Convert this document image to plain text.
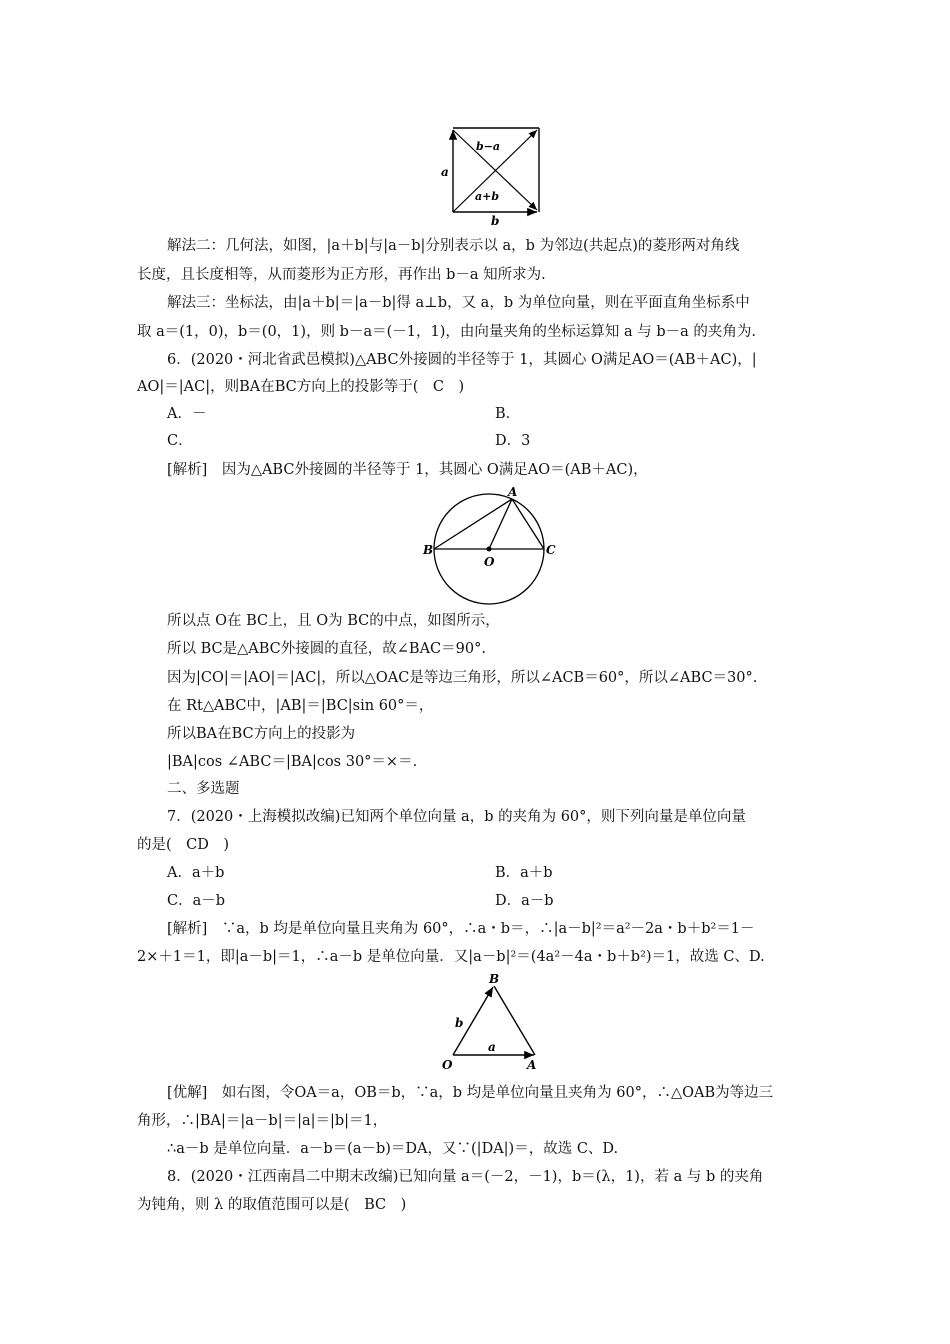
a
b
b−a
a+b
解法二：几何法，如图，|a＋b|与|a－b|分别表示以 a，b 为邻边(共起点)的菱形两对角线
长度，且长度相等，从而菱形为正方形，再作出 b－a 知所求为.
解法三：坐标法，由|a＋b|＝|a－b|得 a⊥b，又 a，b 为单位向量，则在平面直角坐标系中
取 a＝(1，0)，b＝(0，1)，则 b－a＝(－1，1)，由向量夹角的坐标运算知 a 与 b－a 的夹角为.
6．(2020・河北省武邑模拟)△ABC外接圆的半径等于 1，其圆心 O满足AO＝(AB＋AC)，|
AO|＝|AC|，则BA在BC方向上的投影等于(　C　)
A．－	B．
C．	D．3
[解析]　因为△ABC外接圆的半径等于 1，其圆心 O满足AO＝(AB＋AC)，
A
B	C
O
所以点 O在 BC上，且 O为 BC的中点，如图所示，
所以 BC是△ABC外接圆的直径，故∠BAC＝90°.
因为|CO|＝|AO|＝|AC|，所以△OAC是等边三角形，所以∠ACB＝60°，所以∠ABC＝30°.
在 Rt△ABC中，|AB|＝|BC|sin 60°＝，
所以BA在BC方向上的投影为
|BA|cos ∠ABC＝|BA|cos 30°＝×＝.
二、多选题
7．(2020・上海模拟改编)已知两个单位向量 a，b 的夹角为 60°，则下列向量是单位向量
的是(　CD　)
A．a＋b	B．a＋b
C．a－b	D．a－b
[解析]　∵a，b 均是单位向量且夹角为 60°，∴a・b＝，∴|a－b|²＝a²－2a・b＋b²＝1－
2×＋1＝1，即|a－b|＝1，∴a－b 是单位向量．又|a－b|²＝(4a²－4a・b＋b²)＝1，故选 C、D.
B
O	A
b
a
[优解]　如右图，令OA＝a，OB＝b，∵a，b 均是单位向量且夹角为 60°，∴△OAB为等边三
角形，∴|BA|＝|a－b|＝|a|＝|b|＝1，
∴a－b 是单位向量．a－b＝(a－b)＝DA，又∵(|DA|)＝，故选 C、D.
8．(2020・江西南昌二中期末改编)已知向量 a＝(－2，－1)，b＝(λ，1)，若 a 与 b 的夹角
为钝角，则 λ 的取值范围可以是(　BC　)
